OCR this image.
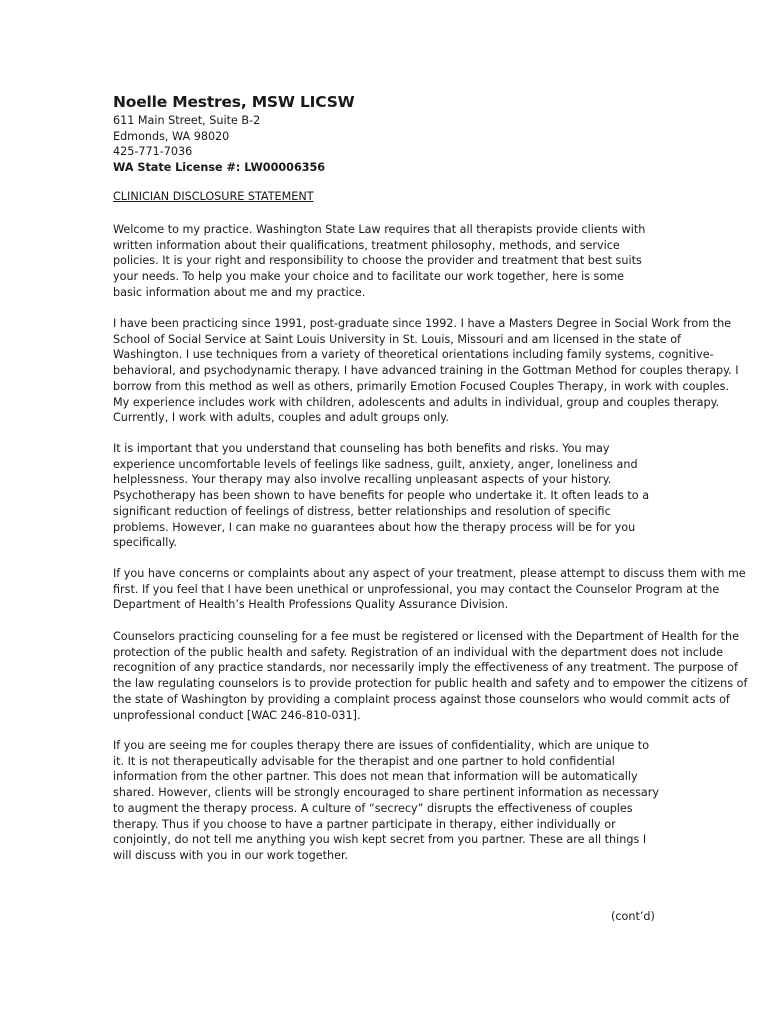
Noelle Mestres, MSW LICSW
611 Main Street, Suite B-2
Edmonds, WA 98020
425-771-7036
WA State License #: LW00006356
CLINICIAN DISCLOSURE STATEMENT
Welcome to my practice. Washington State Law requires that all therapists provide clients with
written information about their qualifications, treatment philosophy, methods, and service
policies. It is your right and responsibility to choose the provider and treatment that best suits
your needs. To help you make your choice and to facilitate our work together, here is some
basic information about me and my practice.
I have been practicing since 1991, post-graduate since 1992. I have a Masters Degree in Social Work from the
School of Social Service at Saint Louis University in St. Louis, Missouri and am licensed in the state of
Washington. I use techniques from a variety of theoretical orientations including family systems, cognitive-
behavioral, and psychodynamic therapy. I have advanced training in the Gottman Method for couples therapy. I
borrow from this method as well as others, primarily Emotion Focused Couples Therapy, in work with couples.
My experience includes work with children, adolescents and adults in individual, group and couples therapy.
Currently, I work with adults, couples and adult groups only.
It is important that you understand that counseling has both benefits and risks. You may
experience uncomfortable levels of feelings like sadness, guilt, anxiety, anger, loneliness and
helplessness. Your therapy may also involve recalling unpleasant aspects of your history.
Psychotherapy has been shown to have benefits for people who undertake it. It often leads to a
significant reduction of feelings of distress, better relationships and resolution of specific
problems. However, I can make no guarantees about how the therapy process will be for you
specifically.
If you have concerns or complaints about any aspect of your treatment, please attempt to discuss them with me
first. If you feel that I have been unethical or unprofessional, you may contact the Counselor Program at the
Department of Health’s Health Professions Quality Assurance Division.
Counselors practicing counseling for a fee must be registered or licensed with the Department of Health for the
protection of the public health and safety. Registration of an individual with the department does not include
recognition of any practice standards, nor necessarily imply the effectiveness of any treatment. The purpose of
the law regulating counselors is to provide protection for public health and safety and to empower the citizens of
the state of Washington by providing a complaint process against those counselors who would commit acts of
unprofessional conduct [WAC 246-810-031].
If you are seeing me for couples therapy there are issues of confidentiality, which are unique to
it. It is not therapeutically advisable for the therapist and one partner to hold confidential
information from the other partner. This does not mean that information will be automatically
shared. However, clients will be strongly encouraged to share pertinent information as necessary
to augment the therapy process. A culture of “secrecy” disrupts the effectiveness of couples
therapy. Thus if you choose to have a partner participate in therapy, either individually or
conjointly, do not tell me anything you wish kept secret from you partner. These are all things I
will discuss with you in our work together.
(cont’d)
